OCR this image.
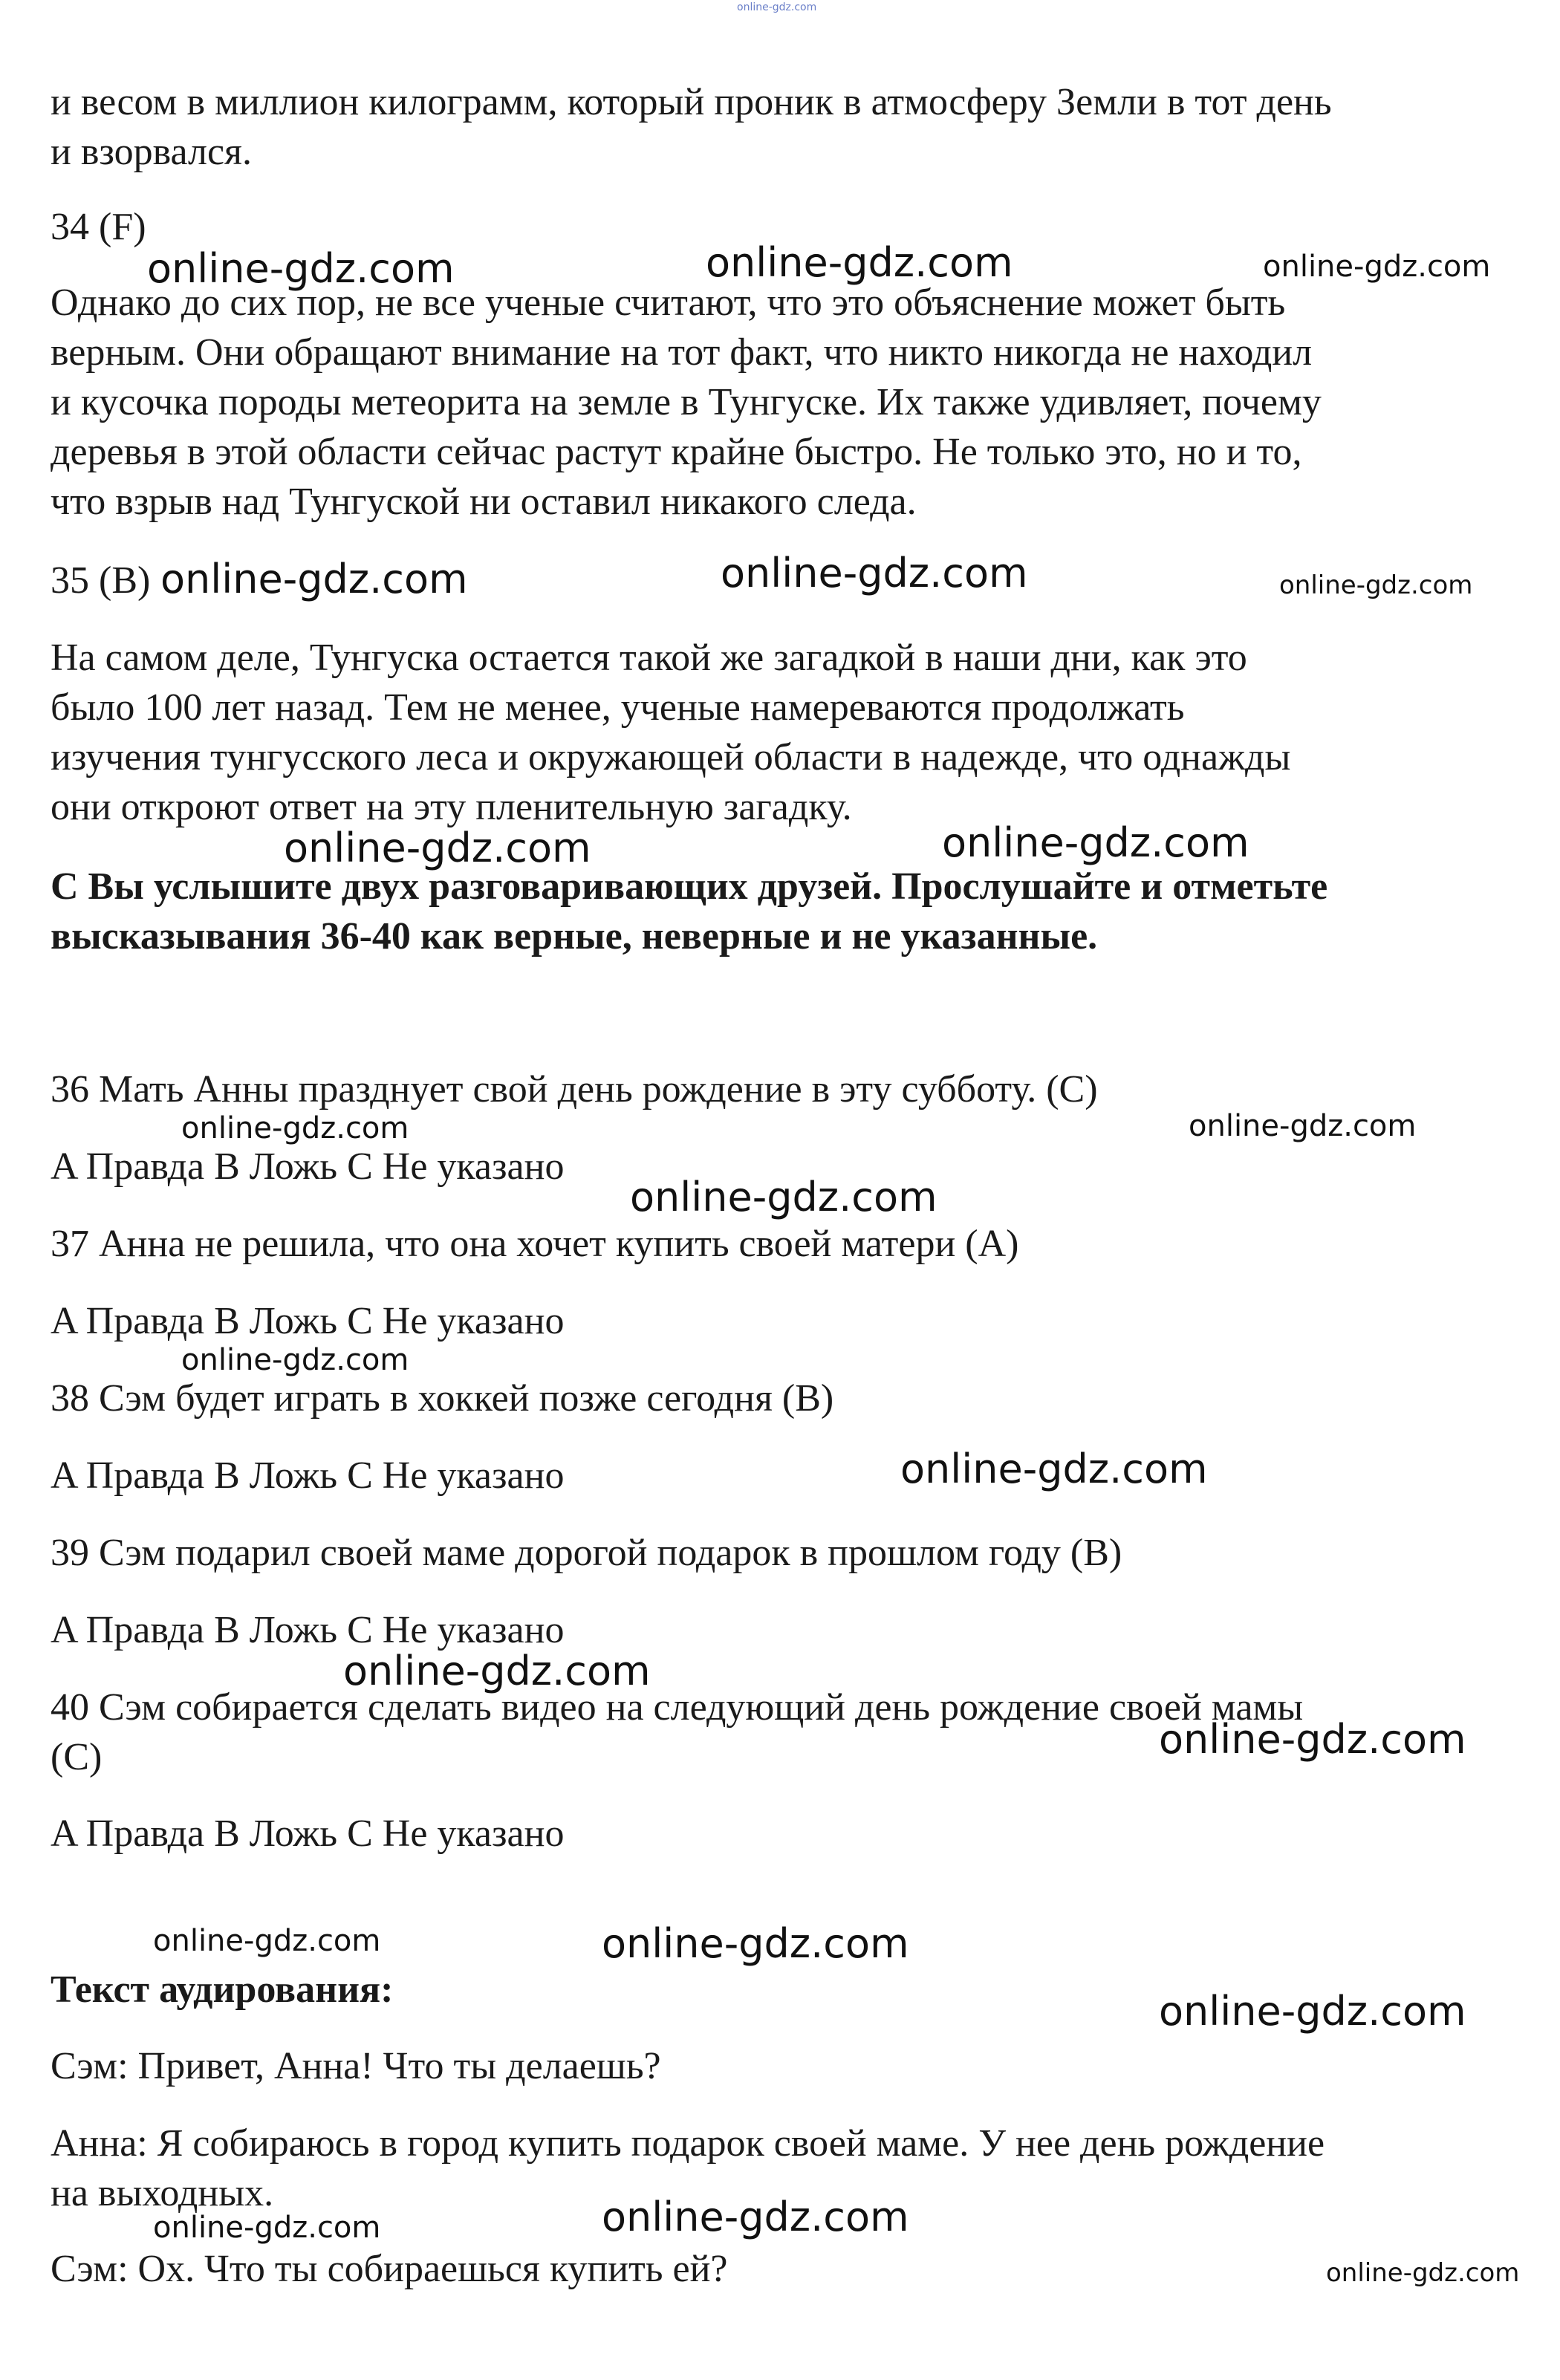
и весом в миллион килограмм, который проник в атмосферу Земли в тот день

и взорвался.

34 (F)

Однако до сих пор, не все ученые считают, что это объяснение может быть

верным. Они обращают внимание на тот факт, что никто никогда не находил

и кусочка породы метеорита на земле в Тунгуске. Их также удивляет, почему

деревья в этой области сейчас растут крайне быстро. Не только это, но и то,

что взрыв над Тунгуской ни оставил никакого следа.

35 (B)

На самом деле, Тунгуска остается такой же загадкой в наши дни, как это

было 100 лет назад. Тем не менее, ученые намереваются продолжать

изучения тунгусского леса и окружающей области в надежде, что однажды

они откроют ответ на эту пленительную загадку.

С Вы услышите двух разговаривающих друзей. Прослушайте и отметьте

высказывания 36-40 как верные, неверные и не указанные.

36 Мать Анны празднует свой день рождение в эту субботу. (С)

A Правда B Ложь C Не указано

37 Анна не решила, что она хочет купить своей матери (A)

A Правда B Ложь C Не указано

38 Сэм будет играть в хоккей позже сегодня (B)

A Правда B Ложь C Не указано

39 Сэм подарил своей маме дорогой подарок в прошлом году (B)

A Правда B Ложь C Не указано

40 Сэм собирается сделать видео на следующий день рождение своей мамы

(C)

A Правда B Ложь C Не указано

Текст аудирования:

Сэм: Привет, Анна! Что ты делаешь?

Анна: Я собираюсь в город купить подарок своей маме. У нее день рождение

на выходных.

Сэм: Ох. Что ты собираешься купить ей?

online-gdz.com
online-gdz.com	online-gdz.com	online-gdz.com
online-gdz.com	online-gdz.com	online-gdz.com
online-gdz.com	online-gdz.com
online-gdz.com	online-gdz.com
online-gdz.com
online-gdz.com
online-gdz.com
online-gdz.com
online-gdz.com
online-gdz.com	online-gdz.com
online-gdz.com
online-gdz.com	online-gdz.com
online-gdz.com
